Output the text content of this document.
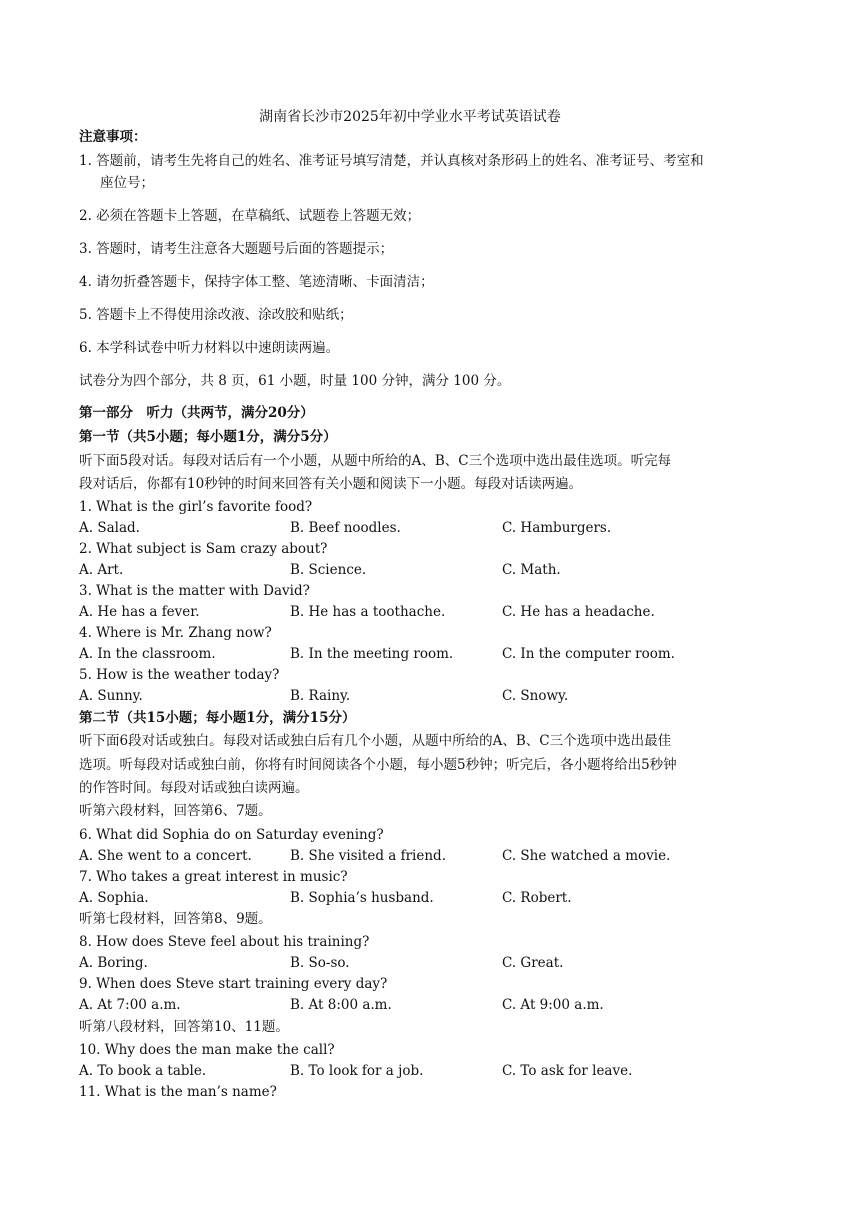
湖南省长沙市2025年初中学业水平考试英语试卷
注意事项：
1. 答题前，请考生先将自己的姓名、准考证号填写清楚，并认真核对条形码上的姓名、准考证号、考室和
座位号；
2. 必须在答题卡上答题，在草稿纸、试题卷上答题无效；
3. 答题时，请考生注意各大题题号后面的答题提示；
4. 请勿折叠答题卡，保持字体工整、笔迹清晰、卡面清洁；
5. 答题卡上不得使用涂改液、涂改胶和贴纸；
6. 本学科试卷中听力材料以中速朗读两遍。
试卷分为四个部分，共 8 页，61 小题，时量 100 分钟，满分 100 分。
第一部分　听力（共两节，满分20分）
第一节（共5小题；每小题1分，满分5分）
听下面5段对话。每段对话后有一个小题，从题中所给的A、B、C三个选项中选出最佳选项。听完每
段对话后，你都有10秒钟的时间来回答有关小题和阅读下一小题。每段对话读两遍。
1. What is the girl’s favorite food?
A. Salad.	B. Beef noodles.	C. Hamburgers.
2. What subject is Sam crazy about?
A. Art.	B. Science.	C. Math.
3. What is the matter with David?
A. He has a fever.	B. He has a toothache.	C. He has a headache.
4. Where is Mr. Zhang now?
A. In the classroom.	B. In the meeting room.	C. In the computer room.
5. How is the weather today?
A. Sunny.	B. Rainy.	C. Snowy.
第二节（共15小题；每小题1分，满分15分）
听下面6段对话或独白。每段对话或独白后有几个小题，从题中所给的A、B、C三个选项中选出最佳
选项。听每段对话或独白前，你将有时间阅读各个小题，每小题5秒钟；听完后，各小题将给出5秒钟
的作答时间。每段对话或独白读两遍。
听第六段材料，回答第6、7题。
6. What did Sophia do on Saturday evening?
A. She went to a concert.	B. She visited a friend.	C. She watched a movie.
7. Who takes a great interest in music?
A. Sophia.	B. Sophia’s husband.	C. Robert.
听第七段材料，回答第8、9题。
8. How does Steve feel about his training?
A. Boring.	B. So-so.	C. Great.
9. When does Steve start training every day?
A. At 7:00 a.m.	B. At 8:00 a.m.	C. At 9:00 a.m.
听第八段材料，回答第10、11题。
10. Why does the man make the call?
A. To book a table.	B. To look for a job.	C. To ask for leave.
11. What is the man’s name?
